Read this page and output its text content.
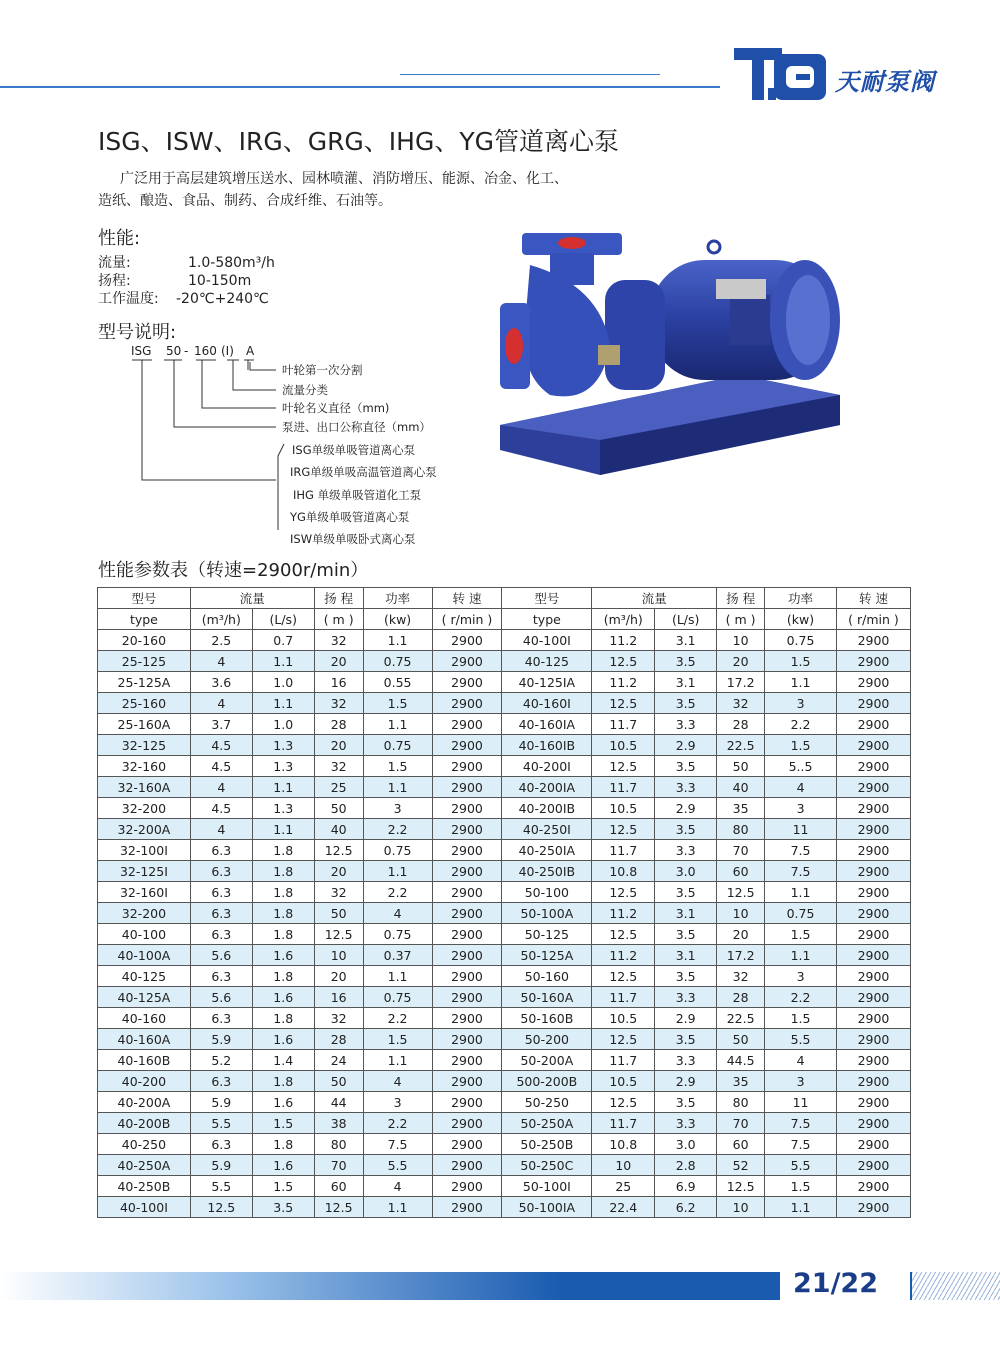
天耐泵阀
ISG、ISW、IRG、GRG、IHG、YG管道离心泵
广泛用于高层建筑增压送水、园林喷灌、消防增压、能源、冶金、化工、造纸、酿造、食品、制药、合成纤维、石油等。
性能:
流量:	1.0-580m³/h
扬程:	10-150m
工作温度: -20℃+240℃
型号说明:
ISG 50 - 160 (I) A
叶轮第一次分割
流量分类
叶轮名义直径（mm)
泵进、出口公称直径（mm）
ISG单级单吸管道离心泵
IRG单级单吸高温管道离心泵
IHG 单级单吸管道化工泵
YG单级单吸管道离心泵
ISW单级单吸卧式离心泵
性能参数表（转速=2900r/min）
型号	流量		扬 程	功率	转 速	型号	流量		扬 程	功率	转 速
type	(m³/h)	(L/s)	( m )	(kw)	( r/min )	type	(m³/h)	(L/s)	( m )	(kw)	( r/min )
20-160	2.5	0.7	32	1.1	2900	40-100I	11.2	3.1	10	0.75	2900
25-125	4	1.1	20	0.75	2900	40-125	12.5	3.5	20	1.5	2900
25-125A	3.6	1.0	16	0.55	2900	40-125IA	11.2	3.1	17.2	1.1	2900
25-160	4	1.1	32	1.5	2900	40-160I	12.5	3.5	32	3	2900
25-160A	3.7	1.0	28	1.1	2900	40-160IA	11.7	3.3	28	2.2	2900
32-125	4.5	1.3	20	0.75	2900	40-160IB	10.5	2.9	22.5	1.5	2900
32-160	4.5	1.3	32	1.5	2900	40-200I	12.5	3.5	50	5..5	2900
32-160A	4	1.1	25	1.1	2900	40-200IA	11.7	3.3	40	4	2900
32-200	4.5	1.3	50	3	2900	40-200IB	10.5	2.9	35	3	2900
32-200A	4	1.1	40	2.2	2900	40-250I	12.5	3.5	80	11	2900
32-100I	6.3	1.8	12.5	0.75	2900	40-250IA	11.7	3.3	70	7.5	2900
32-125I	6.3	1.8	20	1.1	2900	40-250IB	10.8	3.0	60	7.5	2900
32-160I	6.3	1.8	32	2.2	2900	50-100	12.5	3.5	12.5	1.1	2900
32-200	6.3	1.8	50	4	2900	50-100A	11.2	3.1	10	0.75	2900
40-100	6.3	1.8	12.5	0.75	2900	50-125	12.5	3.5	20	1.5	2900
40-100A	5.6	1.6	10	0.37	2900	50-125A	11.2	3.1	17.2	1.1	2900
40-125	6.3	1.8	20	1.1	2900	50-160	12.5	3.5	32	3	2900
40-125A	5.6	1.6	16	0.75	2900	50-160A	11.7	3.3	28	2.2	2900
40-160	6.3	1.8	32	2.2	2900	50-160B	10.5	2.9	22.5	1.5	2900
40-160A	5.9	1.6	28	1.5	2900	50-200	12.5	3.5	50	5.5	2900
40-160B	5.2	1.4	24	1.1	2900	50-200A	11.7	3.3	44.5	4	2900
40-200	6.3	1.8	50	4	2900	500-200B	10.5	2.9	35	3	2900
40-200A	5.9	1.6	44	3	2900	50-250	12.5	3.5	80	11	2900
40-200B	5.5	1.5	38	2.2	2900	50-250A	11.7	3.3	70	7.5	2900
40-250	6.3	1.8	80	7.5	2900	50-250B	10.8	3.0	60	7.5	2900
40-250A	5.9	1.6	70	5.5	2900	50-250C	10	2.8	52	5.5	2900
40-250B	5.5	1.5	60	4	2900	50-100I	25	6.9	12.5	1.5	2900
40-100I	12.5	3.5	12.5	1.1	2900	50-100IA	22.4	6.2	10	1.1	2900
21/22
